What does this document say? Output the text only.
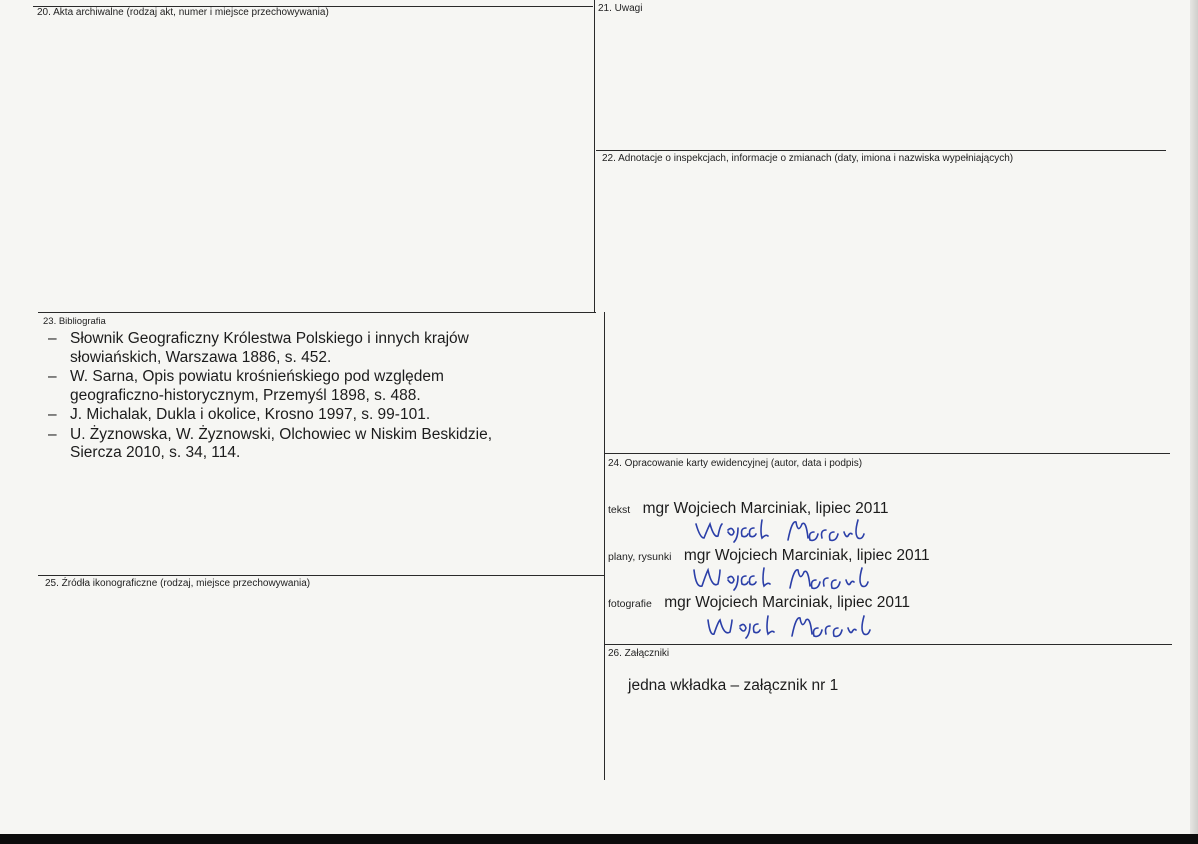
20. Akta archiwalne (rodzaj akt, numer i miejsce przechowywania)	21. Uwagi
22. Adnotacje o inspekcjach, informacje o zmianach (daty, imiona i nazwiska wypełniających)
23. Bibliografia
24. Opracowanie karty ewidencyjnej (autor, data i podpis)
25. Źródła ikonograficzne (rodzaj, miejsce przechowywania)
26. Załączniki
– Słownik Geograficzny Królestwa Polskiego i innych krajów
słowiańskich, Warszawa 1886, s. 452.
– W. Sarna, Opis powiatu krośnieńskiego pod względem
geograficzno-historycznym, Przemyśl 1898, s. 488.
– J. Michalak, Dukla i okolice, Krosno 1997, s. 99-101.
– U. Żyznowska, W. Żyznowski, Olchowiec w Niskim Beskidzie,
Siercza 2010, s. 34, 114.
tekst mgr Wojciech Marciniak, lipiec 2011
plany, rysunki mgr Wojciech Marciniak, lipiec 2011
fotografie mgr Wojciech Marciniak, lipiec 2011
jedna wkładka – załącznik nr 1
